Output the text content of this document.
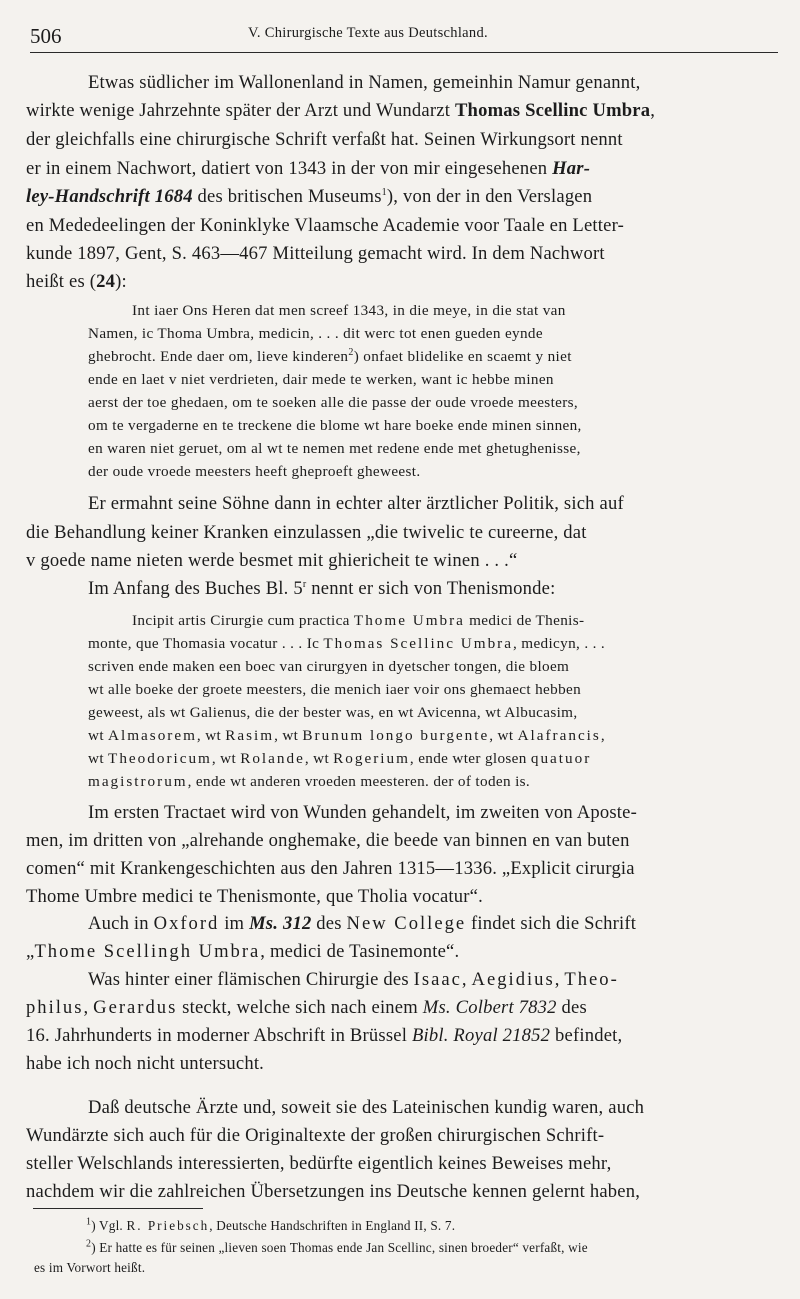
506	V. Chirurgische Texte aus Deutschland.
Etwas südlicher im Wallonenland in Namen, gemeinhin Namur genannt,
wirkte wenige Jahrzehnte später der Arzt und Wundarzt Thomas Scellinc Umbra,
der gleichfalls eine chirurgische Schrift verfaßt hat. Seinen Wirkungsort nennt
er in einem Nachwort, datiert von 1343 in der von mir eingesehenen Har-
ley-Handschrift 1684 des britischen Museums$^1$), von der in den Verslagen
en Mededeelingen der Koninklyke Vlaamsche Academie voor Taale en Letter-
kunde 1897, Gent, S. 463—467 Mitteilung gemacht wird. In dem Nachwort
heißt es (24):
Int iaer Ons Heren dat men screef 1343, in die meye, in die stat van
Namen, ic Thoma Umbra, medicin, . . . dit werc tot enen gueden eynde
ghebrocht. Ende daer om, lieve kinderen$^2$) onfaet blidelike en scaemt y niet
ende en laet v niet verdrieten, dair mede te werken, want ic hebbe minen
aerst der toe ghedaen, om te soeken alle die passe der oude vroede meesters,
om te vergaderne en te treckene die blome wt hare boeke ende minen sinnen,
en waren niet geruet, om al wt te nemen met redene ende met ghetughenisse,
der oude vroede meesters heeft gheproeft gheweest.
Er ermahnt seine Söhne dann in echter alter ärztlicher Politik, sich auf
die Behandlung keiner Kranken einzulassen „die twivelic te cureerne, dat
v goede name nieten werde besmet mit ghiericheit te winen . . .“
Im Anfang des Buches Bl. 5$^r$ nennt er sich von Thenismonde:
Incipit artis Cirurgie cum practica Thome Umbra medici de Thenis-
monte, que Thomasia vocatur . . . Ic Thomas Scellinc Umbra, medicyn, . . .
scriven ende maken een boec van cirurgyen in dyetscher tongen, die bloem
wt alle boeke der groete meesters, die menich iaer voir ons ghemaect hebben
geweest, als wt Galienus, die der bester was, en wt Avicenna, wt Albucasim,
wt Almasorem, wt Rasim, wt Brunum longo burgente, wt Alafrancis,
wt Theodoricum, wt Rolande, wt Rogerium, ende wter glosen quatuor
magistrorum, ende wt anderen vroeden meesteren. der of toden is.
Im ersten Tractaet wird von Wunden gehandelt, im zweiten von Aposte-
men, im dritten von „alrehande onghemake, die beede van binnen en van buten
comen“ mit Krankengeschichten aus den Jahren 1315—1336. „Explicit cirurgia
Thome Umbre medici te Thenismonte, que Tholia vocatur“.
Auch in Oxford im Ms. 312 des New College findet sich die Schrift
„Thome Scellingh Umbra, medici de Tasinemonte“.
Was hinter einer flämischen Chirurgie des Isaac, Aegidius, Theo-
philus, Gerardus steckt, welche sich nach einem Ms. Colbert 7832 des
16. Jahrhunderts in moderner Abschrift in Brüssel Bibl. Royal 21852 befindet,
habe ich noch nicht untersucht.
Daß deutsche Ärzte und, soweit sie des Lateinischen kundig waren, auch
Wundärzte sich auch für die Originaltexte der großen chirurgischen Schrift-
steller Welschlands interessierten, bedürfte eigentlich keines Beweises mehr,
nachdem wir die zahlreichen Übersetzungen ins Deutsche kennen gelernt haben,
$^1$) Vgl. R. Priebsch, Deutsche Handschriften in England II, S. 7.
$^2$) Er hatte es für seinen „lieven soen Thomas ende Jan Scellinc, sinen broeder“ verfaßt, wie
es im Vorwort heißt.
